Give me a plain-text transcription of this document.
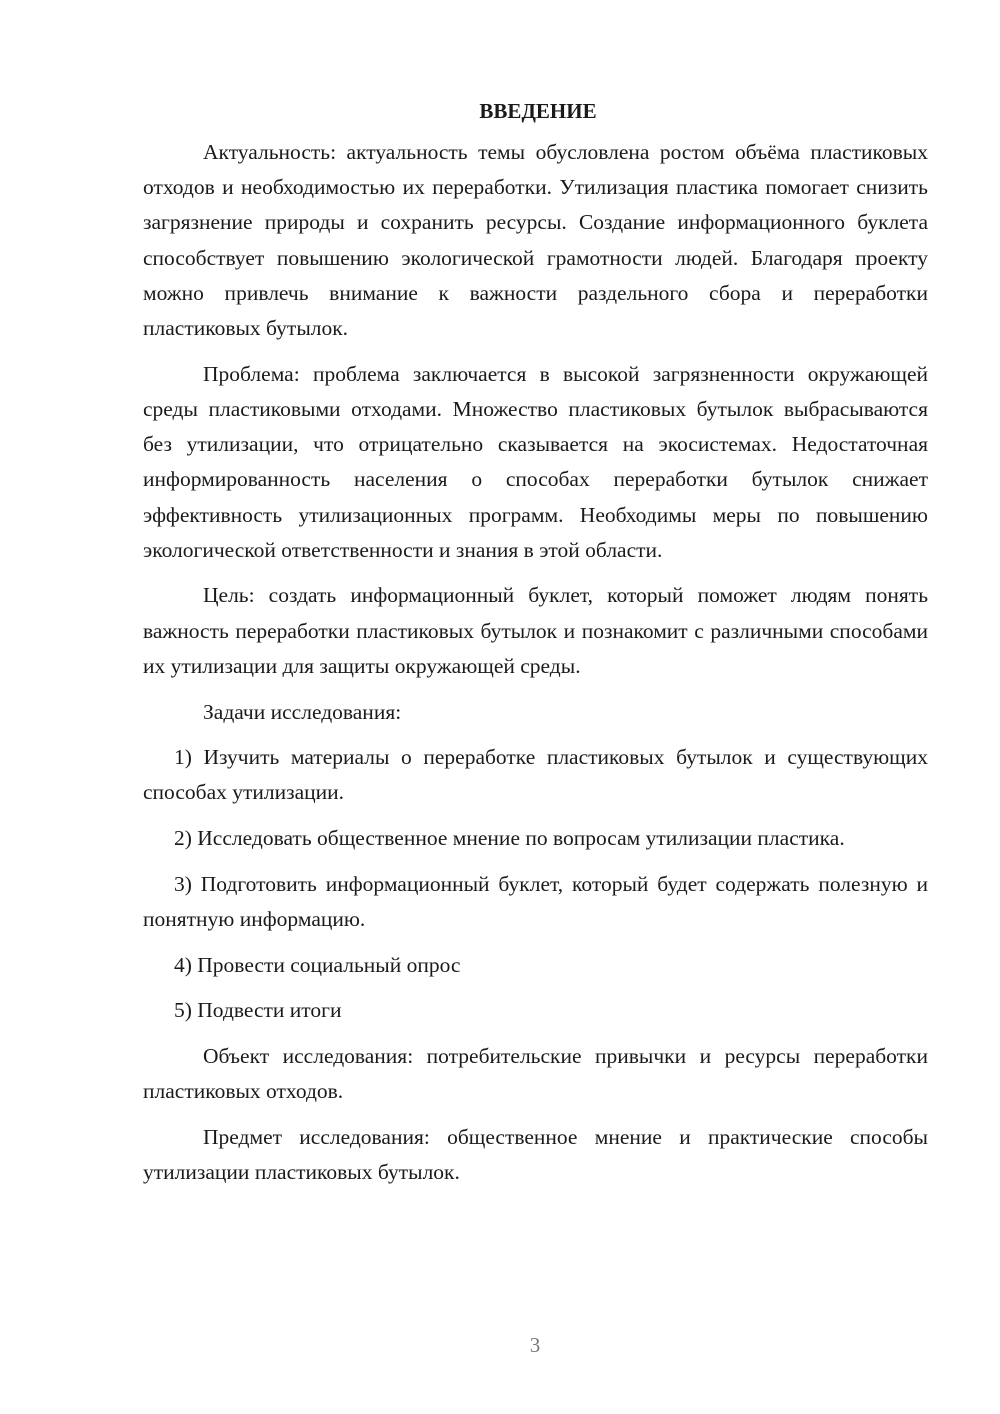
ВВЕДЕНИЕ

Актуальность: актуальность темы обусловлена ростом объёма пластиковых отходов и необходимостью их переработки. Утилизация пластика помогает снизить загрязнение природы и сохранить ресурсы. Создание информационного буклета способствует повышению экологической грамотности людей. Благодаря проекту можно привлечь внимание к важности раздельного сбора и переработки пластиковых бутылок.

Проблема: проблема заключается в высокой загрязненности окружающей среды пластиковыми отходами. Множество пластиковых бутылок выбрасываются без утилизации, что отрицательно сказывается на экосистемах. Недостаточная информированность населения о способах переработки бутылок снижает эффективность утилизационных программ. Необходимы меры по повышению экологической ответственности и знания в этой области.

Цель: создать информационный буклет, который поможет людям понять важность переработки пластиковых бутылок и познакомит с различными способами их утилизации для защиты окружающей среды.

Задачи исследования:

1) Изучить материалы о переработке пластиковых бутылок и существующих способах утилизации.

2) Исследовать общественное мнение по вопросам утилизации пластика.

3) Подготовить информационный буклет, который будет содержать полезную и понятную информацию.

4) Провести социальный опрос

5) Подвести итоги

Объект исследования: потребительские привычки и ресурсы переработки пластиковых отходов.

Предмет исследования: общественное мнение и практические способы утилизации пластиковых бутылок.

3
